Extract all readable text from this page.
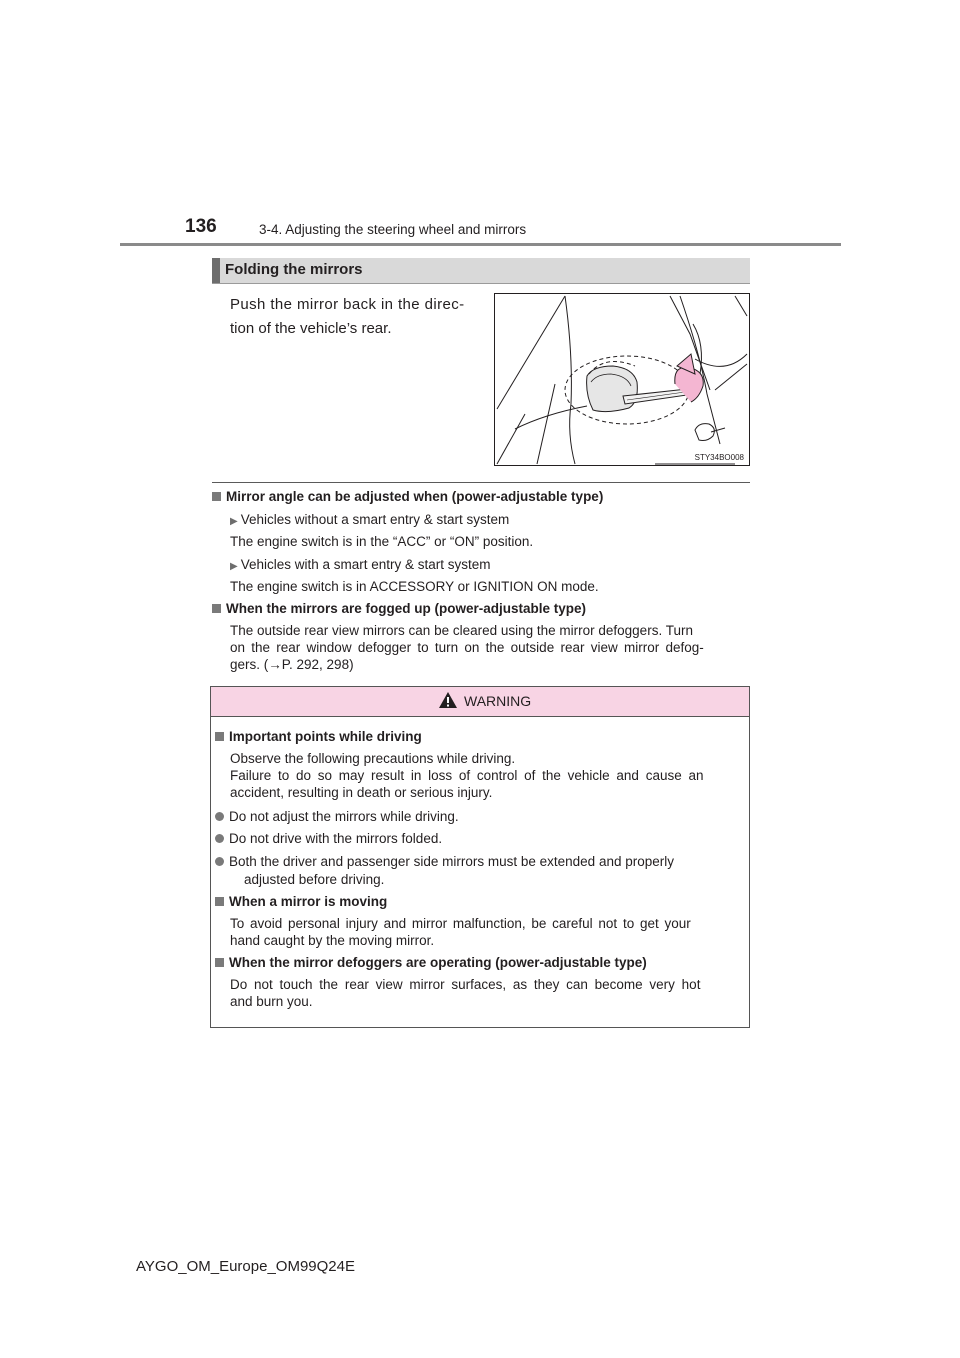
136	3-4. Adjusting the steering wheel and mirrors
Folding the mirrors
Push the mirror back in the direc-
tion of the vehicle’s rear.
STY34BO008
Mirror angle can be adjusted when (power-adjustable type)
▶ Vehicles without a smart entry & start system
The engine switch is in the “ACC” or “ON” position.
▶ Vehicles with a smart entry & start system
The engine switch is in ACCESSORY or IGNITION ON mode.
When the mirrors are fogged up (power-adjustable type)
The outside rear view mirrors can be cleared using the mirror defoggers. Turn
on the rear window defogger to turn on the outside rear view mirror defog-
gers. (→P. 292, 298)
WARNING
Important points while driving
Observe the following precautions while driving.
Failure to do so may result in loss of control of the vehicle and cause an
accident, resulting in death or serious injury.
Do not adjust the mirrors while driving.
Do not drive with the mirrors folded.
Both the driver and passenger side mirrors must be extended and properly
adjusted before driving.
When a mirror is moving
To avoid personal injury and mirror malfunction, be careful not to get your
hand caught by the moving mirror.
When the mirror defoggers are operating (power-adjustable type)
Do not touch the rear view mirror surfaces, as they can become very hot
and burn you.
AYGO_OM_Europe_OM99Q24E
